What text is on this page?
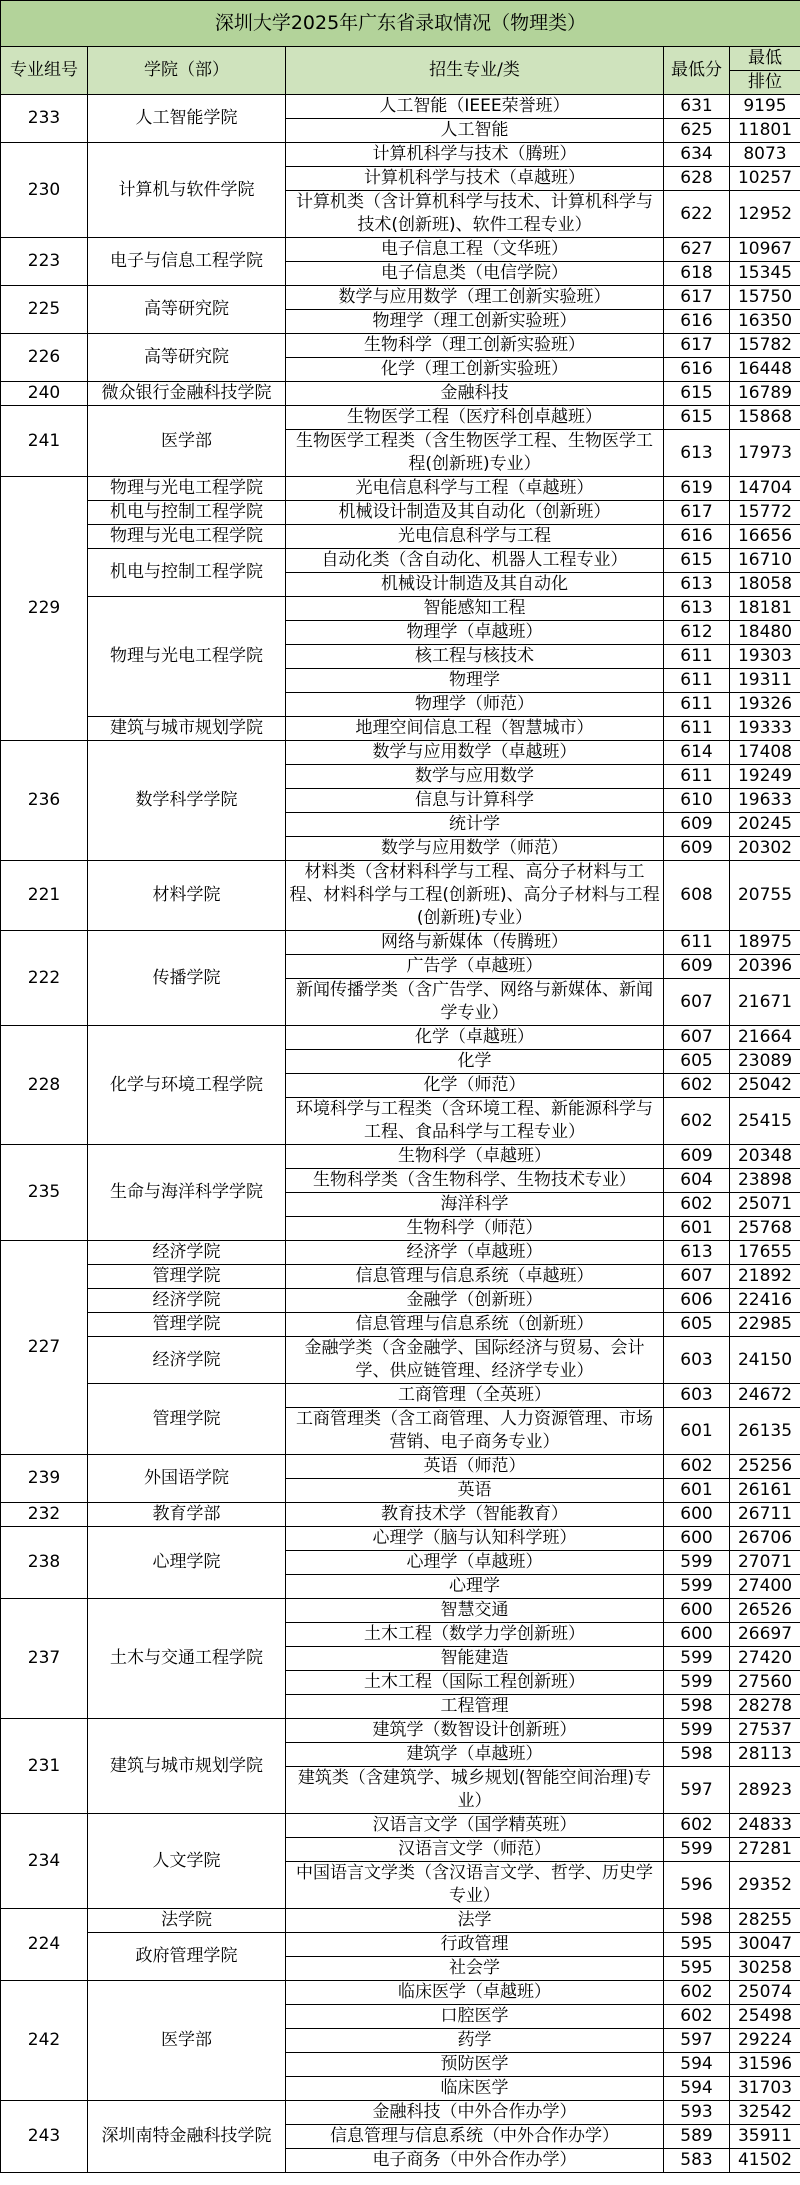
深圳大学2025年广东省录取情况（物理类）				
专业组号	学院（部）	招生专业/类	最低分	最低
排位

233	人工智能学院	人工智能（IEEE荣誉班）	631	9195
		人工智能	625	11801
230	计算机与软件学院	计算机科学与技术（腾班）	634	8073
		计算机科学与技术（卓越班）	628	10257
		计算机类（含计算机科学与技术、计算机科学与技术(创新班)、软件工程专业）	622	12952
223	电子与信息工程学院	电子信息工程（文华班）	627	10967
		电子信息类（电信学院）	618	15345
225	高等研究院	数学与应用数学（理工创新实验班）	617	15750
		物理学（理工创新实验班）	616	16350
226	高等研究院	生物科学（理工创新实验班）	617	15782
		化学（理工创新实验班）	616	16448
240	微众银行金融科技学院	金融科技	615	16789
241	医学部	生物医学工程（医疗科创卓越班）	615	15868
		生物医学工程类（含生物医学工程、生物医学工程(创新班)专业）	613	17973
229	物理与光电工程学院	光电信息科学与工程（卓越班）	619	14704
	机电与控制工程学院	机械设计制造及其自动化（创新班）	617	15772
	物理与光电工程学院	光电信息科学与工程	616	16656
	机电与控制工程学院	自动化类（含自动化、机器人工程专业）	615	16710
		机械设计制造及其自动化	613	18058
	物理与光电工程学院	智能感知工程	613	18181
		物理学（卓越班）	612	18480
		核工程与核技术	611	19303
		物理学	611	19311
		物理学（师范）	611	19326
	建筑与城市规划学院	地理空间信息工程（智慧城市）	611	19333
236	数学科学学院	数学与应用数学（卓越班）	614	17408
		数学与应用数学	611	19249
		信息与计算科学	610	19633
		统计学	609	20245
		数学与应用数学（师范）	609	20302
221	材料学院	材料类（含材料科学与工程、高分子材料与工程、材料科学与工程(创新班)、高分子材料与工程(创新班)专业）	608	20755
222	传播学院	网络与新媒体（传腾班）	611	18975
		广告学（卓越班）	609	20396
		新闻传播学类（含广告学、网络与新媒体、新闻学专业）	607	21671
228	化学与环境工程学院	化学（卓越班）	607	21664
		化学	605	23089
		化学（师范）	602	25042
		环境科学与工程类（含环境工程、新能源科学与工程、食品科学与工程专业）	602	25415
235	生命与海洋科学学院	生物科学（卓越班）	609	20348
		生物科学类（含生物科学、生物技术专业）	604	23898
		海洋科学	602	25071
		生物科学（师范）	601	25768
227	经济学院	经济学（卓越班）	613	17655
	管理学院	信息管理与信息系统（卓越班）	607	21892
	经济学院	金融学（创新班）	606	22416
	管理学院	信息管理与信息系统（创新班）	605	22985
	经济学院	金融学类（含金融学、国际经济与贸易、会计学、供应链管理、经济学专业）	603	24150
	管理学院	工商管理（全英班）	603	24672
		工商管理类（含工商管理、人力资源管理、市场营销、电子商务专业）	601	26135
239	外国语学院	英语（师范）	602	25256
		英语	601	26161
232	教育学部	教育技术学（智能教育）	600	26711
238	心理学院	心理学（脑与认知科学班）	600	26706
		心理学（卓越班）	599	27071
		心理学	599	27400
237	土木与交通工程学院	智慧交通	600	26526
		土木工程（数学力学创新班）	600	26697
		智能建造	599	27420
		土木工程（国际工程创新班）	599	27560
		工程管理	598	28278
231	建筑与城市规划学院	建筑学（数智设计创新班）	599	27537
		建筑学（卓越班）	598	28113
		建筑类（含建筑学、城乡规划(智能空间治理)专业）	597	28923
234	人文学院	汉语言文学（国学精英班）	602	24833
		汉语言文学（师范）	599	27281
		中国语言文学类（含汉语言文学、哲学、历史学专业）	596	29352
224	法学院	法学	598	28255
	政府管理学院	行政管理	595	30047
		社会学	595	30258
242	医学部	临床医学（卓越班）	602	25074
		口腔医学	602	25498
		药学	597	29224
		预防医学	594	31596
		临床医学	594	31703
243	深圳南特金融科技学院	金融科技（中外合作办学）	593	32542
		信息管理与信息系统（中外合作办学）	589	35911
		电子商务（中外合作办学）	583	41502
